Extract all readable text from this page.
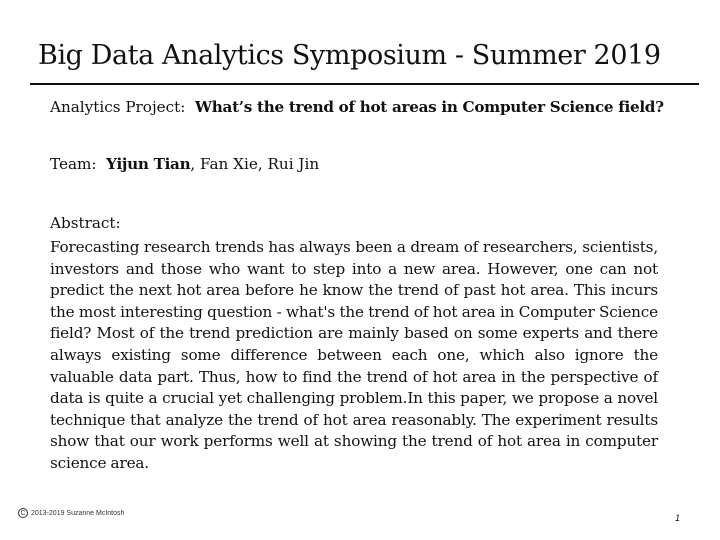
Big Data Analytics Symposium - Summer 2019
Analytics Project: What’s the trend of hot areas in Computer Science field?
Team: Yijun Tian, Fan Xie, Rui Jin
Abstract:
Forecasting research trends has always been a dream of researchers, scientists, investors and those who want to step into a new area. However, one can not predict the next hot area before he know the trend of past hot area. This incurs the most interesting question - what's the trend of hot area in Computer Science field? Most of the trend prediction are mainly based on some experts and there always existing some difference between each one, which also ignore the valuable data part. Thus, how to find the trend of hot area in the perspective of data is quite a crucial yet challenging problem.In this paper, we propose a novel technique that analyze the trend of hot area reasonably. The experiment results show that our work performs well at showing the trend of hot area in computer science area.
C 2013-2019 Suzanne McIntosh	1
